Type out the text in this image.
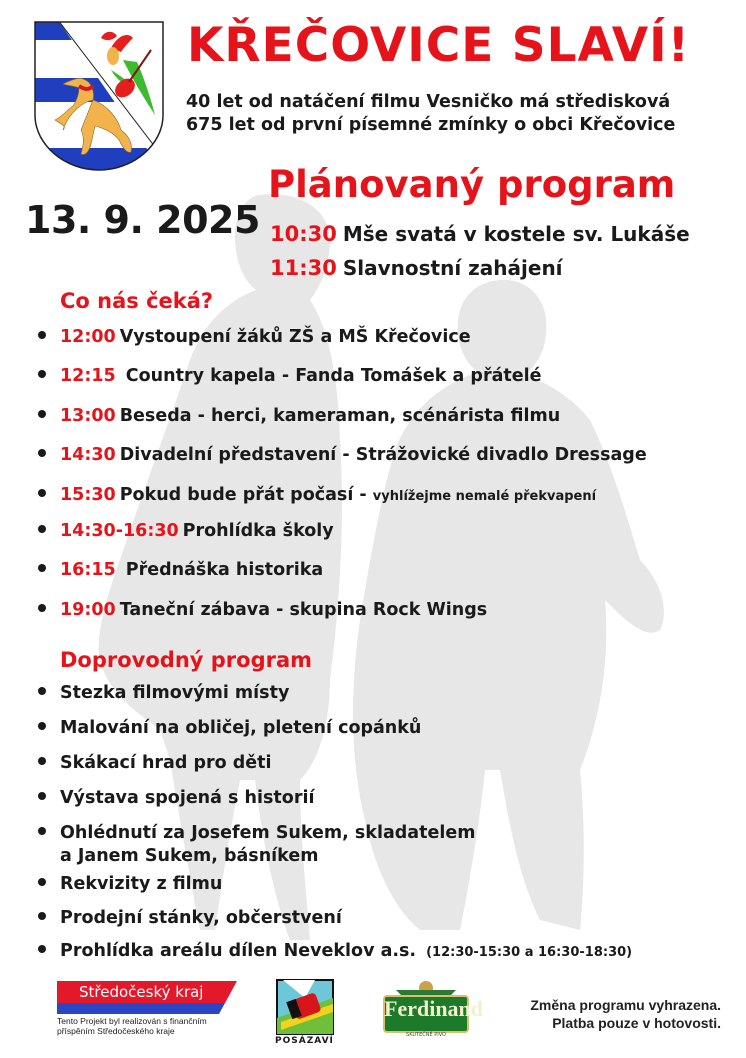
KŘEČOVICE SLAVÍ!
40 let od natáčení filmu Vesničko má středisková
675 let od první písemné zmínky o obci Křečovice
13. 9. 2025
Plánovaný program
10:30 Mše svatá v kostele sv. Lukáše
11:30 Slavnostní zahájení
Co nás čeká?
12:00 Vystoupení žáků ZŠ a MŠ Křečovice
12:15 Country kapela - Fanda Tomášek a přátelé
13:00 Beseda - herci, kameraman, scénárista filmu
14:30 Divadelní představení - Strážovické divadlo Dressage
15:30 Pokud bude přát počasí - vyhlížejme nemalé překvapení
14:30-16:30 Prohlídka školy
16:15 Přednáška historika
19:00 Taneční zábava - skupina Rock Wings
Doprovodný program
Stezka filmovými místy
Malování na obličej, pletení copánků
Skákací hrad pro děti
Výstava spojená s historií
Ohlédnutí za Josefem Sukem, skladatelem
a Janem Sukem, básníkem
Rekvizity z filmu
Prodejní stánky, občerstvení
Prohlídka areálu dílen Neveklov a.s. (12:30-15:30 a 16:30-18:30)
Středočeský kraj
Tento Projekt byl realizován s finančním
příspěním Středočeského kraje
POSÁZAVÍ
Ferdinand
SKUTEČNÉ PIVO
Změna programu vyhrazena.
Platba pouze v hotovosti.
